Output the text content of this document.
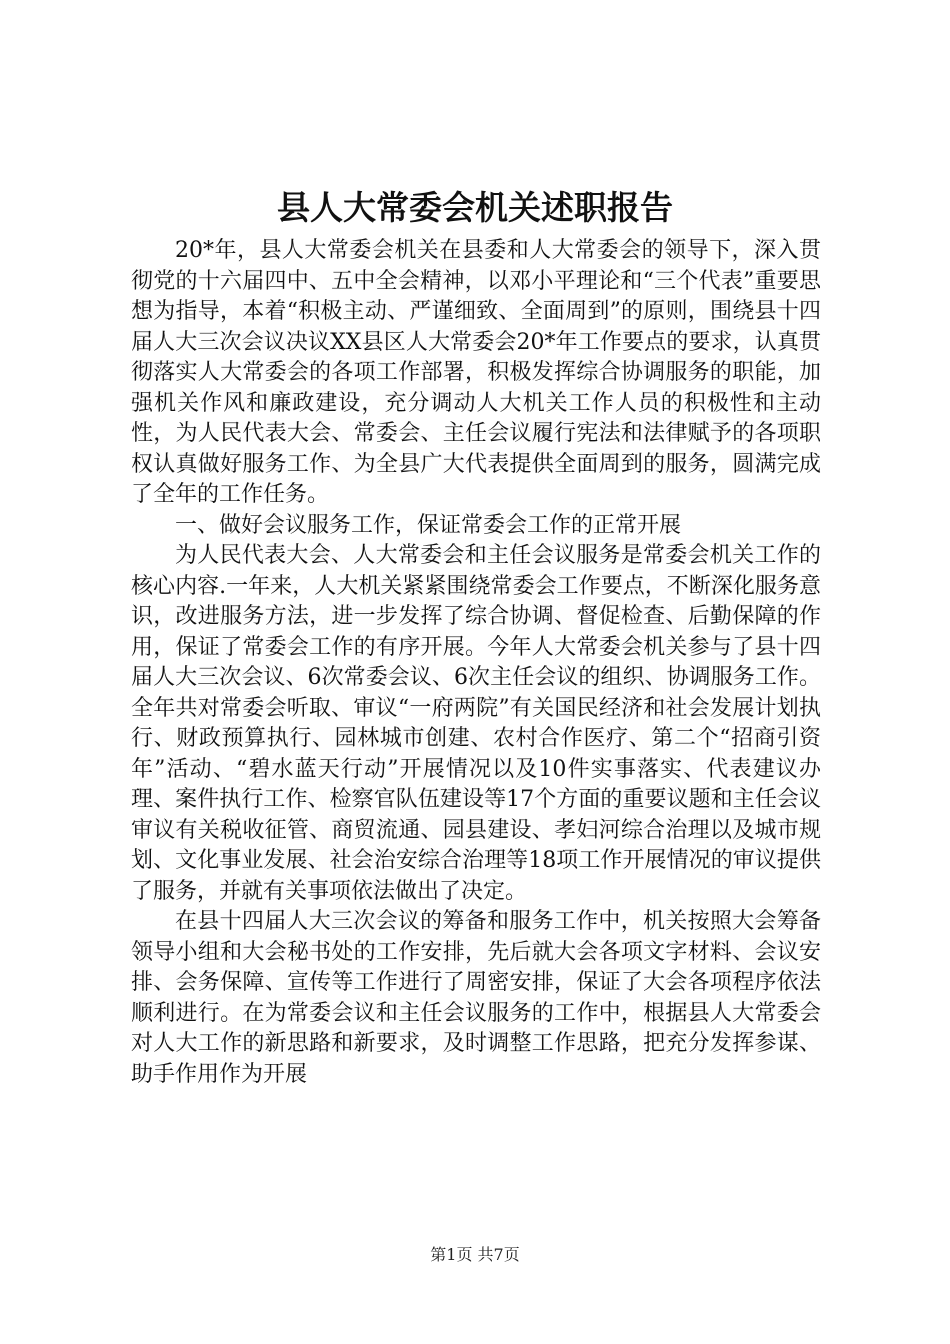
县人大常委会机关述职报告

20*年，县人大常委会机关在县委和人大常委会的领导下，深入贯彻党的十六届四中、五中全会精神，以邓小平理论和“三个代表”重要思想为指导，本着“积极主动、严谨细致、全面周到”的原则，围绕县十四届人大三次会议决议XX县区人大常委会20*年工作要点的要求，认真贯彻落实人大常委会的各项工作部署，积极发挥综合协调服务的职能，加强机关作风和廉政建设，充分调动人大机关工作人员的积极性和主动性，为人民代表大会、常委会、主任会议履行宪法和法律赋予的各项职权认真做好服务工作、为全县广大代表提供全面周到的服务，圆满完成了全年的工作任务。

一、做好会议服务工作，保证常委会工作的正常开展

为人民代表大会、人大常委会和主任会议服务是常委会机关工作的核心内容.一年来，人大机关紧紧围绕常委会工作要点，不断深化服务意识，改进服务方法，进一步发挥了综合协调、督促检查、后勤保障的作用，保证了常委会工作的有序开展。今年人大常委会机关参与了县十四届人大三次会议、6次常委会议、6次主任会议的组织、协调服务工作。全年共对常委会听取、审议“一府两院”有关国民经济和社会发展计划执行、财政预算执行、园林城市创建、农村合作医疗、第二个“招商引资年”活动、“碧水蓝天行动”开展情况以及10件实事落实、代表建议办理、案件执行工作、检察官队伍建设等17个方面的重要议题和主任会议审议有关税收征管、商贸流通、园县建设、孝妇河综合治理以及城市规划、文化事业发展、社会治安综合治理等18项工作开展情况的审议提供了服务，并就有关事项依法做出了决定。

在县十四届人大三次会议的筹备和服务工作中，机关按照大会筹备领导小组和大会秘书处的工作安排，先后就大会各项文字材料、会议安排、会务保障、宣传等工作进行了周密安排，保证了大会各项程序依法顺利进行。在为常委会议和主任会议服务的工作中，根据县人大常委会对人大工作的新思路和新要求，及时调整工作思路，把充分发挥参谋、助手作用作为开展

第1页 共7页
